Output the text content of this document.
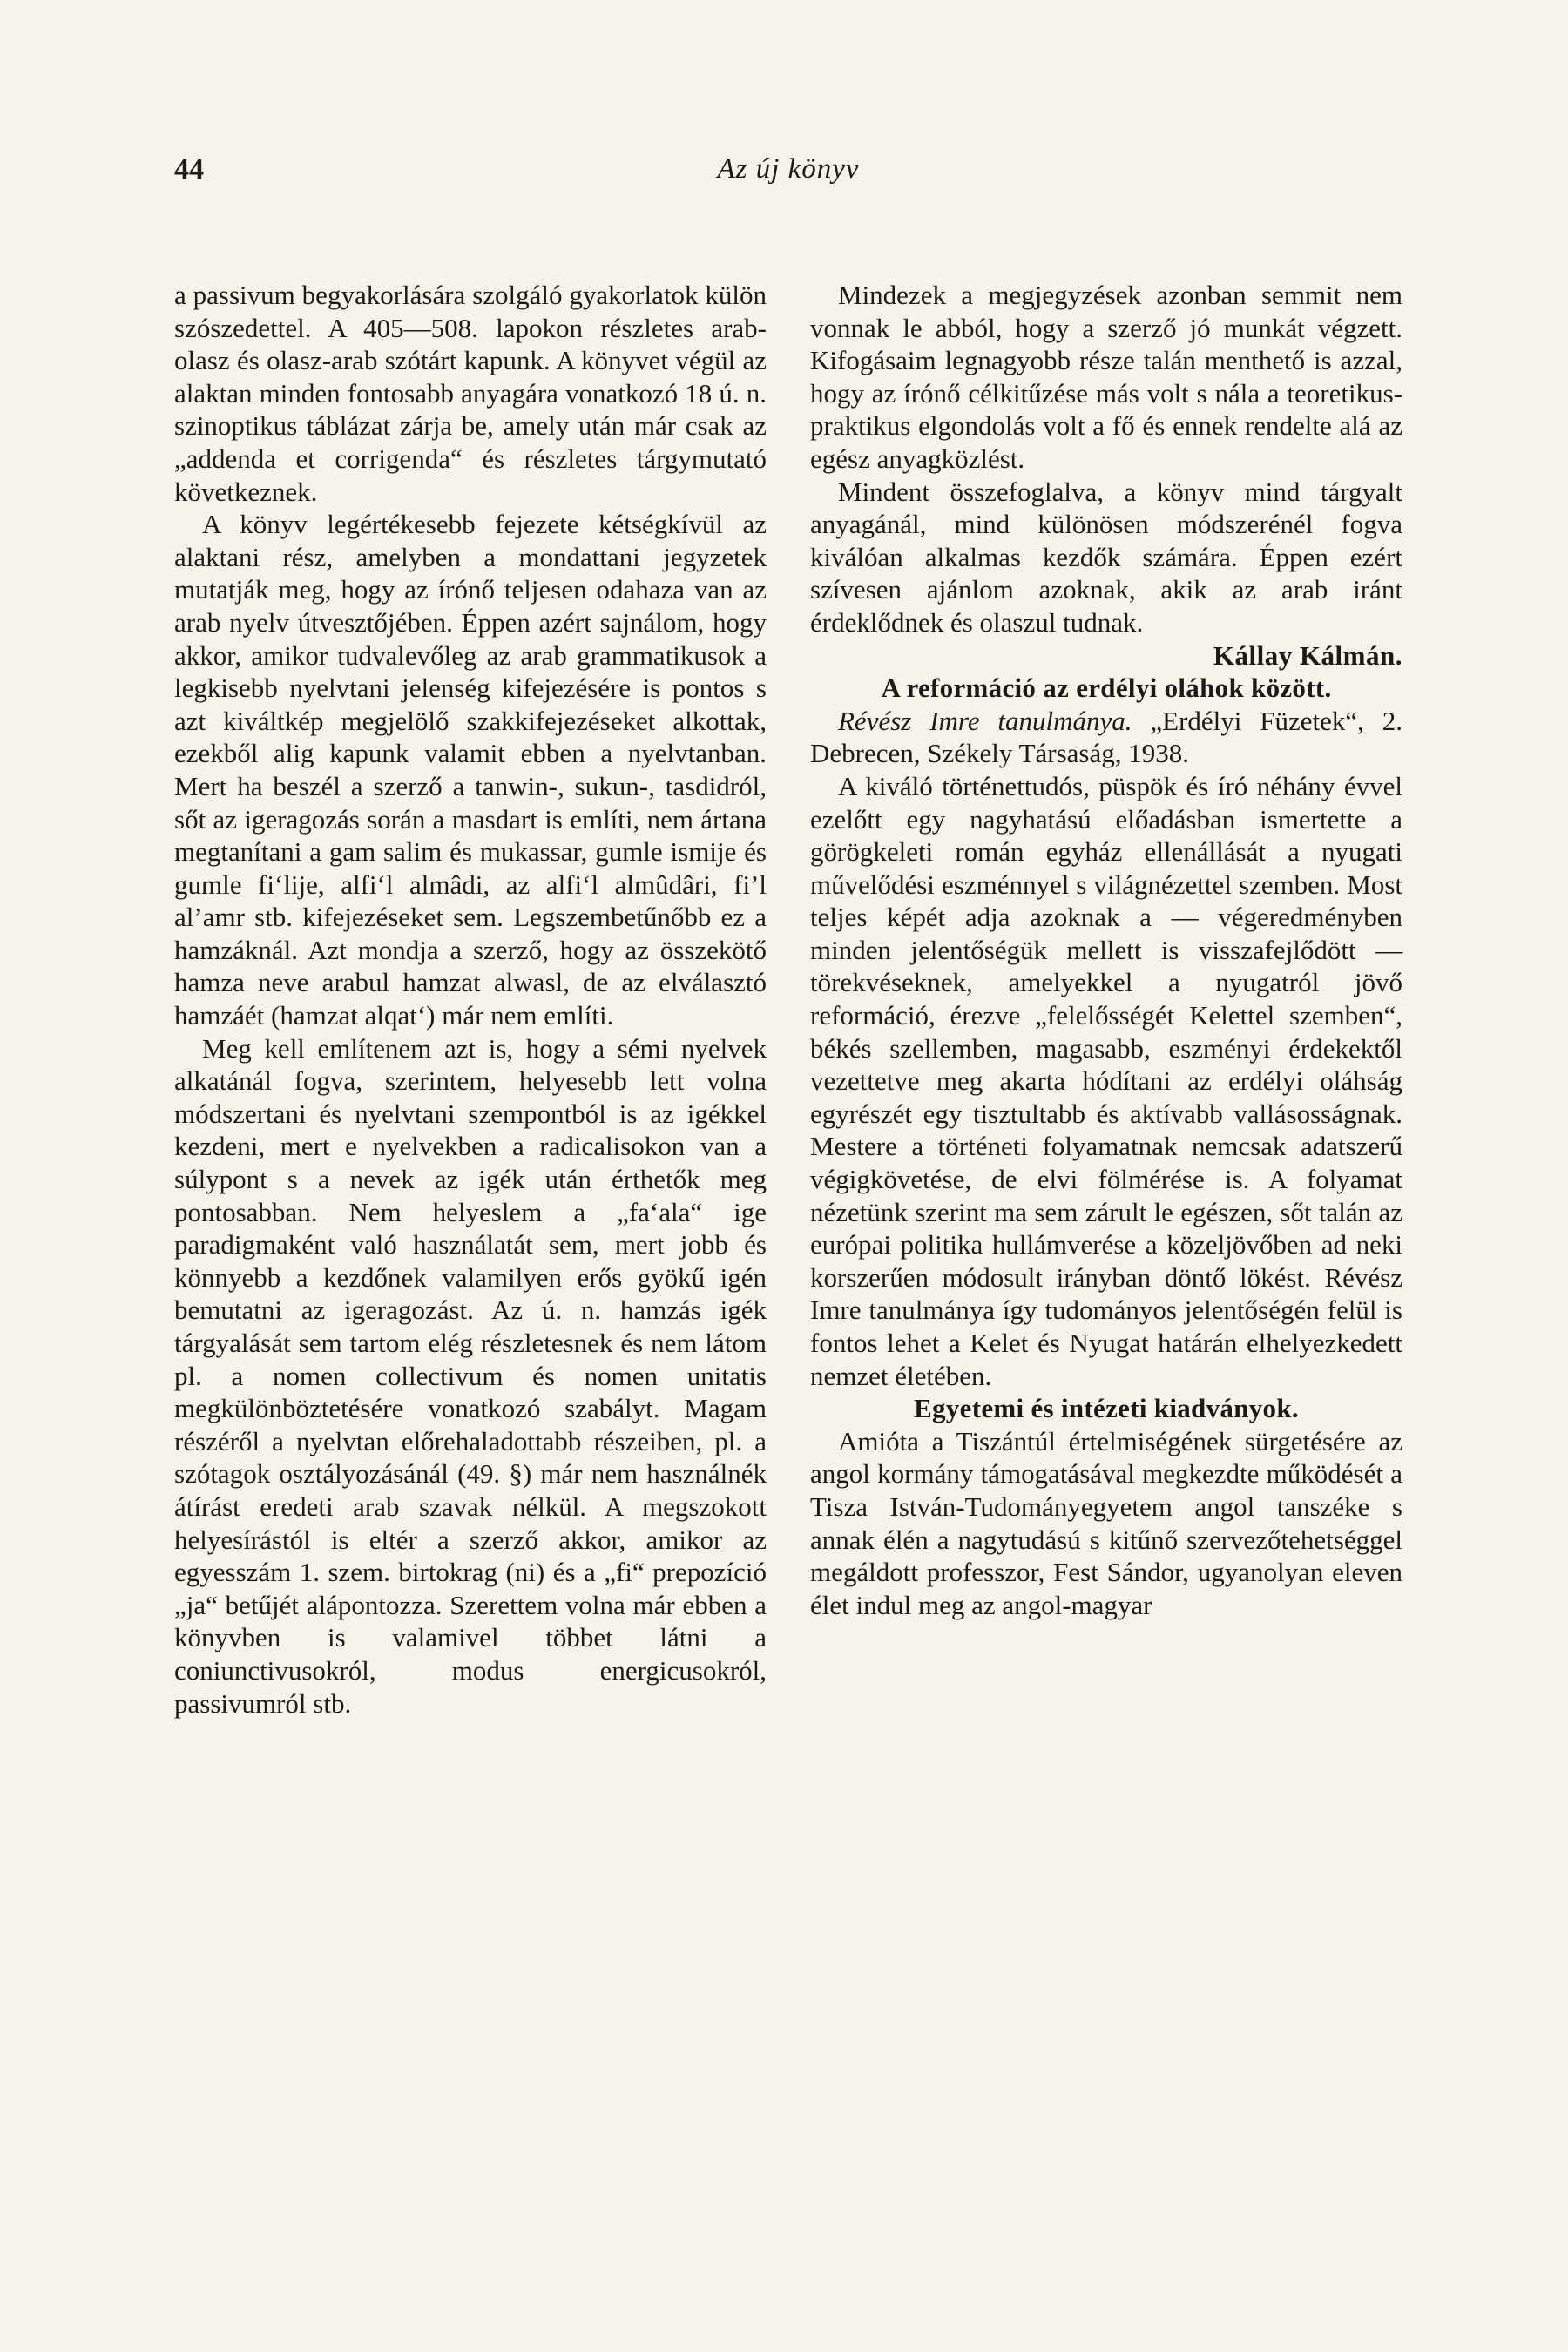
44	Az új könyv

a passivum begyakorlására szolgáló gyakorlatok külön szószedettel. A 405—508. lapokon részletes arab-olasz és olasz-arab szótárt kapunk. A könyvet végül az alaktan minden fontosabb anyagára vonatkozó 18 ú. n. szinoptikus táblázat zárja be, amely után már csak az „addenda et corrigenda“ és részletes tárgymutató következnek.

A könyv legértékesebb fejezete kétségkívül az alaktani rész, amelyben a mondattani jegyzetek mutatják meg, hogy az írónő teljesen odahaza van az arab nyelv útvesztőjében. Éppen azért sajnálom, hogy akkor, amikor tudvalevőleg az arab grammatikusok a legkisebb nyelvtani jelenség kifejezésére is pontos s azt kiváltkép megjelölő szakkifejezéseket alkottak, ezekből alig kapunk valamit ebben a nyelvtanban. Mert ha beszél a szerző a tanwin-, sukun-, tasdidról, sőt az igeragozás során a masdart is említi, nem ártana megtanítani a gam salim és mukassar, gumle ismije és gumle fi‘lije, alfi‘l almâdi, az alfi‘l almûdâri, fi’l al’amr stb. kifejezéseket sem. Legszembetűnőbb ez a hamzáknál. Azt mondja a szerző, hogy az összekötő hamza neve arabul hamzat alwasl, de az elválasztó hamzáét (hamzat alqat‘) már nem említi.

Meg kell említenem azt is, hogy a sémi nyelvek alkatánál fogva, szerintem, helyesebb lett volna módszertani és nyelvtani szempontból is az igékkel kezdeni, mert e nyelvekben a radicalisokon van a súlypont s a nevek az igék után érthetők meg pontosabban. Nem helyeslem a „fa‘ala“ ige paradigmaként való használatát sem, mert jobb és könnyebb a kezdőnek valamilyen erős gyökű igén bemutatni az igeragozást. Az ú. n. hamzás igék tárgyalását sem tartom elég részletesnek és nem látom pl. a nomen collectivum és nomen unitatis megkülönböztetésére vonatkozó szabályt. Magam részéről a nyelvtan előrehaladottabb részeiben, pl. a szótagok osztályozásánál (49. §) már nem használnék átírást eredeti arab szavak nélkül. A megszokott helyesírástól is eltér a szerző akkor, amikor az egyesszám 1. szem. birtokrag (ni) és a „fi“ prepozíció „ja“ betűjét alápontozza. Szerettem volna már ebben a könyvben is valamivel többet látni a coniunctivusokról, modus energicusokról, passivumról stb.

Mindezek a megjegyzések azonban semmit nem vonnak le abból, hogy a szerző jó munkát végzett. Kifogásaim legnagyobb része talán menthető is azzal, hogy az írónő célkitűzése más volt s nála a teoretikus-praktikus elgondolás volt a fő és ennek rendelte alá az egész anyagközlést.

Mindent összefoglalva, a könyv mind tárgyalt anyagánál, mind különösen módszerénél fogva kiválóan alkalmas kezdők számára. Éppen ezért szívesen ajánlom azoknak, akik az arab iránt érdeklődnek és olaszul tudnak.

Kállay Kálmán.

A reformáció az erdélyi oláhok között.

Révész Imre tanulmánya. „Erdélyi Füzetek“, 2. Debrecen, Székely Társaság, 1938.

A kiváló történettudós, püspök és író néhány évvel ezelőtt egy nagyhatású előadásban ismertette a görögkeleti román egyház ellenállását a nyugati művelődési eszménnyel s világnézettel szemben. Most teljes képét adja azoknak a — végeredményben minden jelentőségük mellett is visszafejlődött — törekvéseknek, amelyekkel a nyugatról jövő reformáció, érezve „felelősségét Kelettel szemben“, békés szellemben, magasabb, eszményi érdekektől vezettetve meg akarta hódítani az erdélyi oláhság egyrészét egy tisztultabb és aktívabb vallásosságnak. Mestere a történeti folyamatnak nemcsak adatszerű végigkövetése, de elvi fölmérése is. A folyamat nézetünk szerint ma sem zárult le egészen, sőt talán az európai politika hullámverése a közeljövőben ad neki korszerűen módosult irányban döntő lökést. Révész Imre tanulmánya így tudományos jelentőségén felül is fontos lehet a Kelet és Nyugat határán elhelyezkedett nemzet életében.

Egyetemi és intézeti kiadványok.

Amióta a Tiszántúl értelmiségének sürgetésére az angol kormány támogatásával megkezdte működését a Tisza István-Tudományegyetem angol tanszéke s annak élén a nagytudású s kitűnő szervezőtehetséggel megáldott professzor, Fest Sándor, ugyanolyan eleven élet indul meg az angol-magyar
